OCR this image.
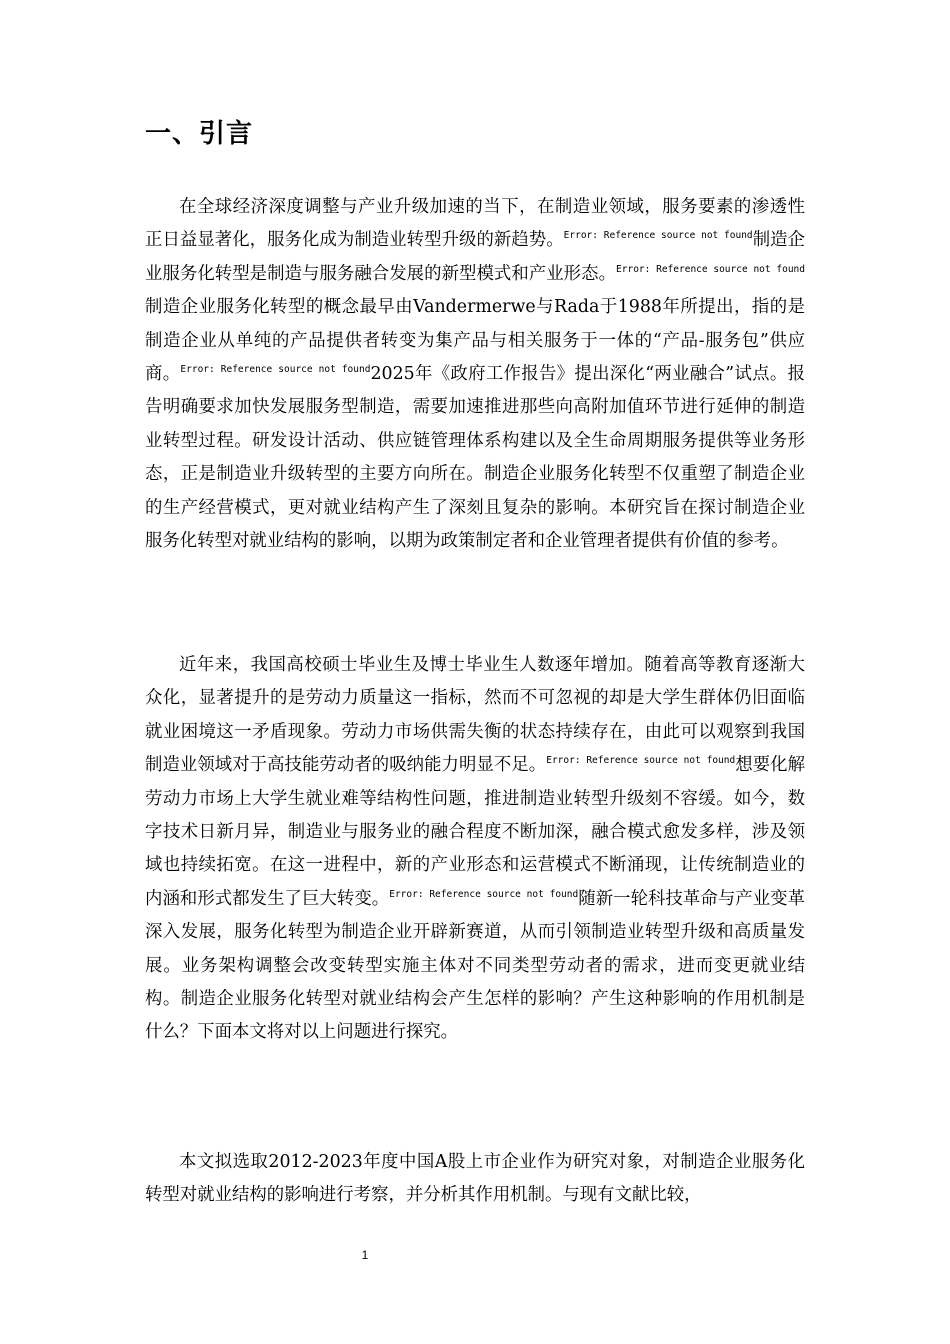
一、引言
在全球经济深度调整与产业升级加速的当下，在制造业领域，服务要素的渗透性正日益显著化，服务化成为制造业转型升级的新趋势。$^{Error: Reference source not found}$制造企业服务化转型是制造与服务融合发展的新型模式和产业形态。$^{Error: Reference source not found}$制造企业服务化转型的概念最早由Vandermerwe与Rada于1988年所提出，指的是制造企业从单纯的产品提供者转变为集产品与相关服务于一体的“产品-服务包”供应商。$^{Error: Reference source not found}$2025年《政府工作报告》提出深化“两业融合”试点。报告明确要求加快发展服务型制造，需要加速推进那些向高附加值环节进行延伸的制造业转型过程。研发设计活动、供应链管理体系构建以及全生命周期服务提供等业务形态，正是制造业升级转型的主要方向所在。制造企业服务化转型不仅重塑了制造企业的生产经营模式，更对就业结构产生了深刻且复杂的影响。本研究旨在探讨制造企业服务化转型对就业结构的影响，以期为政策制定者和企业管理者提供有价值的参考。
近年来，我国高校硕士毕业生及博士毕业生人数逐年增加。随着高等教育逐渐大众化，显著提升的是劳动力质量这一指标，然而不可忽视的却是大学生群体仍旧面临就业困境这一矛盾现象。劳动力市场供需失衡的状态持续存在，由此可以观察到我国制造业领域对于高技能劳动者的吸纳能力明显不足。$^{Error: Reference source not found}$想要化解劳动力市场上大学生就业难等结构性问题，推进制造业转型升级刻不容缓。如今，数字技术日新月异，制造业与服务业的融合程度不断加深，融合模式愈发多样，涉及领域也持续拓宽。在这一进程中，新的产业形态和运营模式不断涌现，让传统制造业的内涵和形式都发生了巨大转变。$^{Error: Reference source not found}$随新一轮科技革命与产业变革深入发展，服务化转型为制造企业开辟新赛道，从而引领制造业转型升级和高质量发展。业务架构调整会改变转型实施主体对不同类型劳动者的需求，进而变更就业结构。制造企业服务化转型对就业结构会产生怎样的影响？产生这种影响的作用机制是什么？下面本文将对以上问题进行探究。
本文拟选取2012-2023年度中国A股上市企业作为研究对象，对制造企业服务化转型对就业结构的影响进行考察，并分析其作用机制。与现有文献比较，
1
